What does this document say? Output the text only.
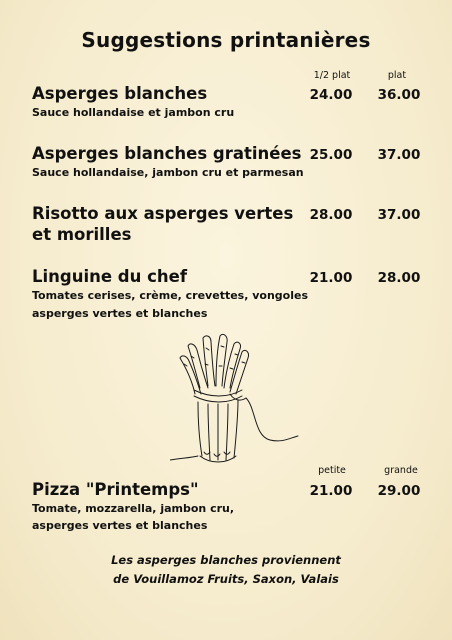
Suggestions printanières
1/2 plat	plat
Asperges blanches
Sauce hollandaise et jambon cru
24.00	36.00
Asperges blanches gratinées
Sauce hollandaise, jambon cru et parmesan
25.00	37.00
Risotto aux asperges vertes
et morilles
28.00	37.00
Linguine du chef
Tomates cerises, crème, crevettes, vongoles
asperges vertes et blanches
21.00	28.00
petite	grande
Pizza "Printemps"
Tomate, mozzarella, jambon cru,
asperges vertes et blanches
21.00	29.00
Les asperges blanches proviennent
de Vouillamoz Fruits, Saxon, Valais
